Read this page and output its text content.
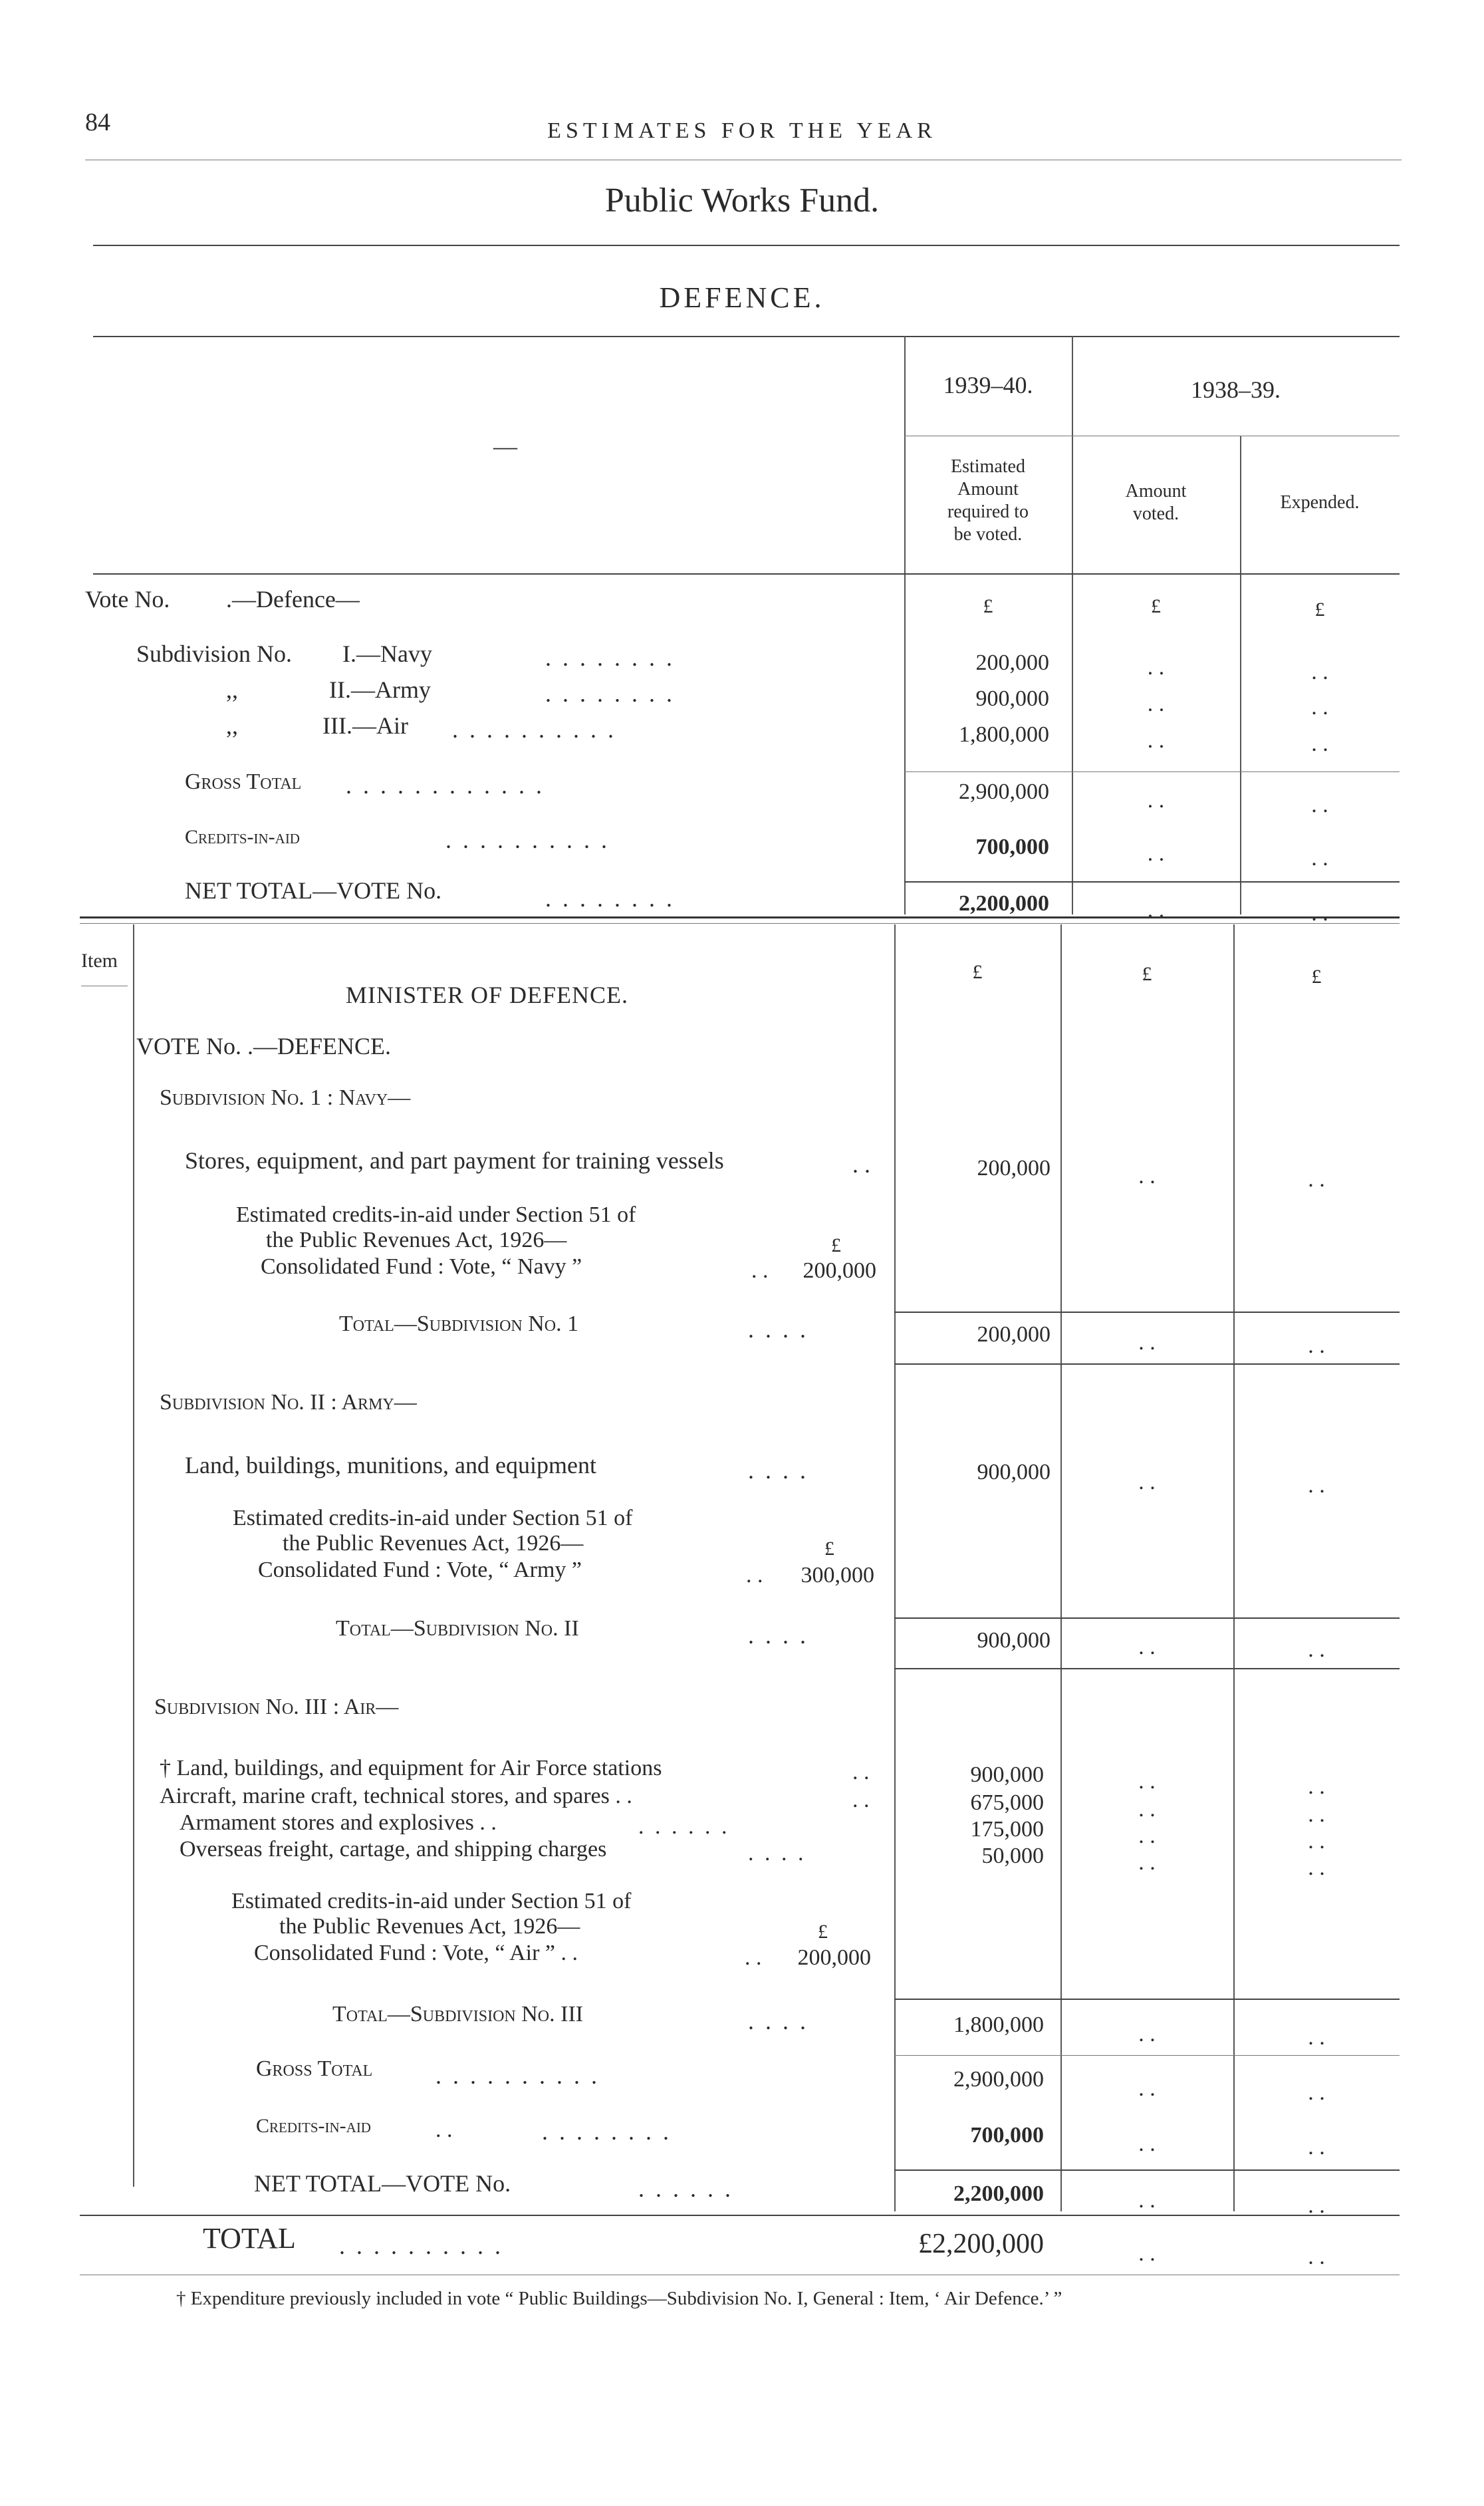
84	ESTIMATES FOR THE YEAR
Public Works Fund.
DEFENCE.
1939–40.	1938–39.
—
Estimated
Amount
required to
be voted.
Amount
voted.
Expended.
Vote No. .—Defence—	£	£	£
Subdivision No. I.—Navy	. . . . . . . .	200,000	. .	. .
,,	II.—Army	. . . . . . . .	900,000	. .	. .
,,	III.—Air . . . . . . . . . .	1,800,000	. .	. .
Gross Total . . . . . . . . . . . .	2,900,000	. .	. .
Credits-in-aid	. . . . . . . . . .	700,000	. .	. .
NET TOTAL—VOTE No.	. . . . . . . .	2,200,000	. .	. .
Item
£	£	£
MINISTER OF DEFENCE.
VOTE No. .—DEFENCE.
Subdivision No. 1 : Navy—
Stores, equipment, and part payment for training vessels	. .	200,000	. .	. .
Estimated credits-in-aid under Section 51 of
the Public Revenues Act, 1926—	£
Consolidated Fund : Vote, “ Navy ”	. .	200,000
Total—Subdivision No. 1	. . . .	200,000	. .	. .
Subdivision No. II : Army—
Land, buildings, munitions, and equipment	. . . .	900,000	. .	. .
Estimated credits-in-aid under Section 51 of
the Public Revenues Act, 1926—	£
Consolidated Fund : Vote, “ Army ”	. .	300,000
Total—Subdivision No. II	. . . .	900,000	. .	. .
Subdivision No. III : Air—
† Land, buildings, and equipment for Air Force stations	. .	900,000	. .	. .
Aircraft, marine craft, technical stores, and spares . .	. .	675,000	. .	. .
Armament stores and explosives . .	. . . . . .	175,000	. .	. .
Overseas freight, cartage, and shipping charges	. . . .	50,000	. .	. .
Estimated credits-in-aid under Section 51 of
the Public Revenues Act, 1926—	£
Consolidated Fund : Vote, “ Air ” . .	. .	200,000
Total—Subdivision No. III	. . . .	1,800,000	. .	. .
Gross Total	. . . . . . . . . .	2,900,000	. .	. .
Credits-in-aid	. .	. . . . . . . .	700,000	. .	. .
NET TOTAL—VOTE No.	. . . . . .	2,200,000	. .	. .
TOTAL . . . . . . . . . .	£2,200,000	. .	. .
† Expenditure previously included in vote “ Public Buildings—Subdivision No. I, General : Item, ‘ Air Defence.’ ”
